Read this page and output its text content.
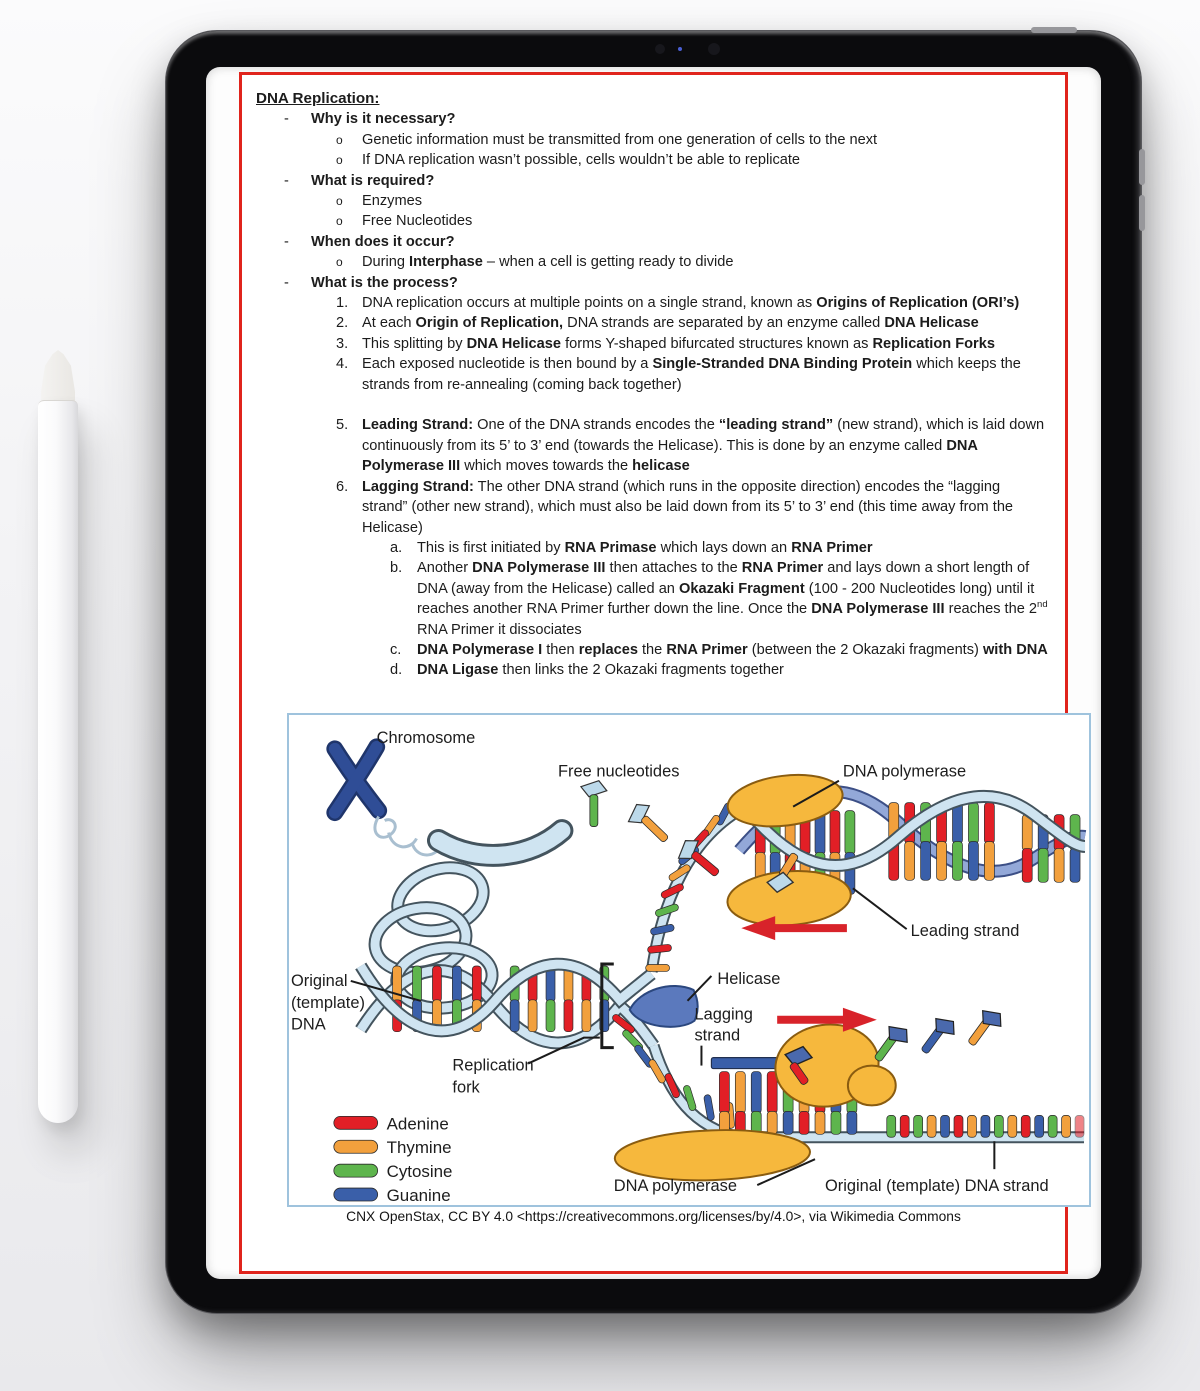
DNA Replication:
-	Why is it necessary?
o	Genetic information must be transmitted from one generation of cells to the next
o	If DNA replication wasn’t possible, cells wouldn’t be able to replicate
-	What is required?
o	Enzymes
o	Free Nucleotides
-	When does it occur?
o	During Interphase – when a cell is getting ready to divide
-	What is the process?
1. DNA replication occurs at multiple points on a single strand, known as Origins of Replication (ORI’s)
2. At each Origin of Replication, DNA strands are separated by an enzyme called DNA Helicase
3. This splitting by DNA Helicase forms Y-shaped bifurcated structures known as Replication Forks
4. Each exposed nucleotide is then bound by a Single-Stranded DNA Binding Protein which keeps the strands from re-annealing (coming back together)
5. Leading Strand: One of the DNA strands encodes the “leading strand” (new strand), which is laid down continuously from its 5’ to 3’ end (towards the Helicase). This is done by an enzyme called DNA Polymerase III which moves towards the helicase
6. Lagging Strand: The other DNA strand (which runs in the opposite direction) encodes the “lagging strand” (other new strand), which must also be laid down from its 5’ to 3’ end (this time away from the Helicase)
a.	This is first initiated by RNA Primase which lays down an RNA Primer
b.	Another DNA Polymerase III then attaches to the RNA Primer and lays down a short length of DNA (away from the Helicase) called an Okazaki Fragment (100 - 200 Nucleotides long) until it reaches another RNA Primer further down the line. Once the DNA Polymerase III reaches the 2nd RNA Primer it dissociates
c.	DNA Polymerase I then replaces the RNA Primer (between the 2 Okazaki fragments) with DNA
d.	DNA Ligase then links the 2 Okazaki fragments together
Chromosome
Free nucleotides	DNA polymerase
Leading strand
Helicase
Lagging
strand
Original
(template)
DNA
Replication
fork
DNA polymerase	Original (template) DNA strand
Adenine
Thymine
Cytosine
Guanine
CNX OpenStax, CC BY 4.0 <https://creativecommons.org/licenses/by/4.0>, via Wikimedia Commons
